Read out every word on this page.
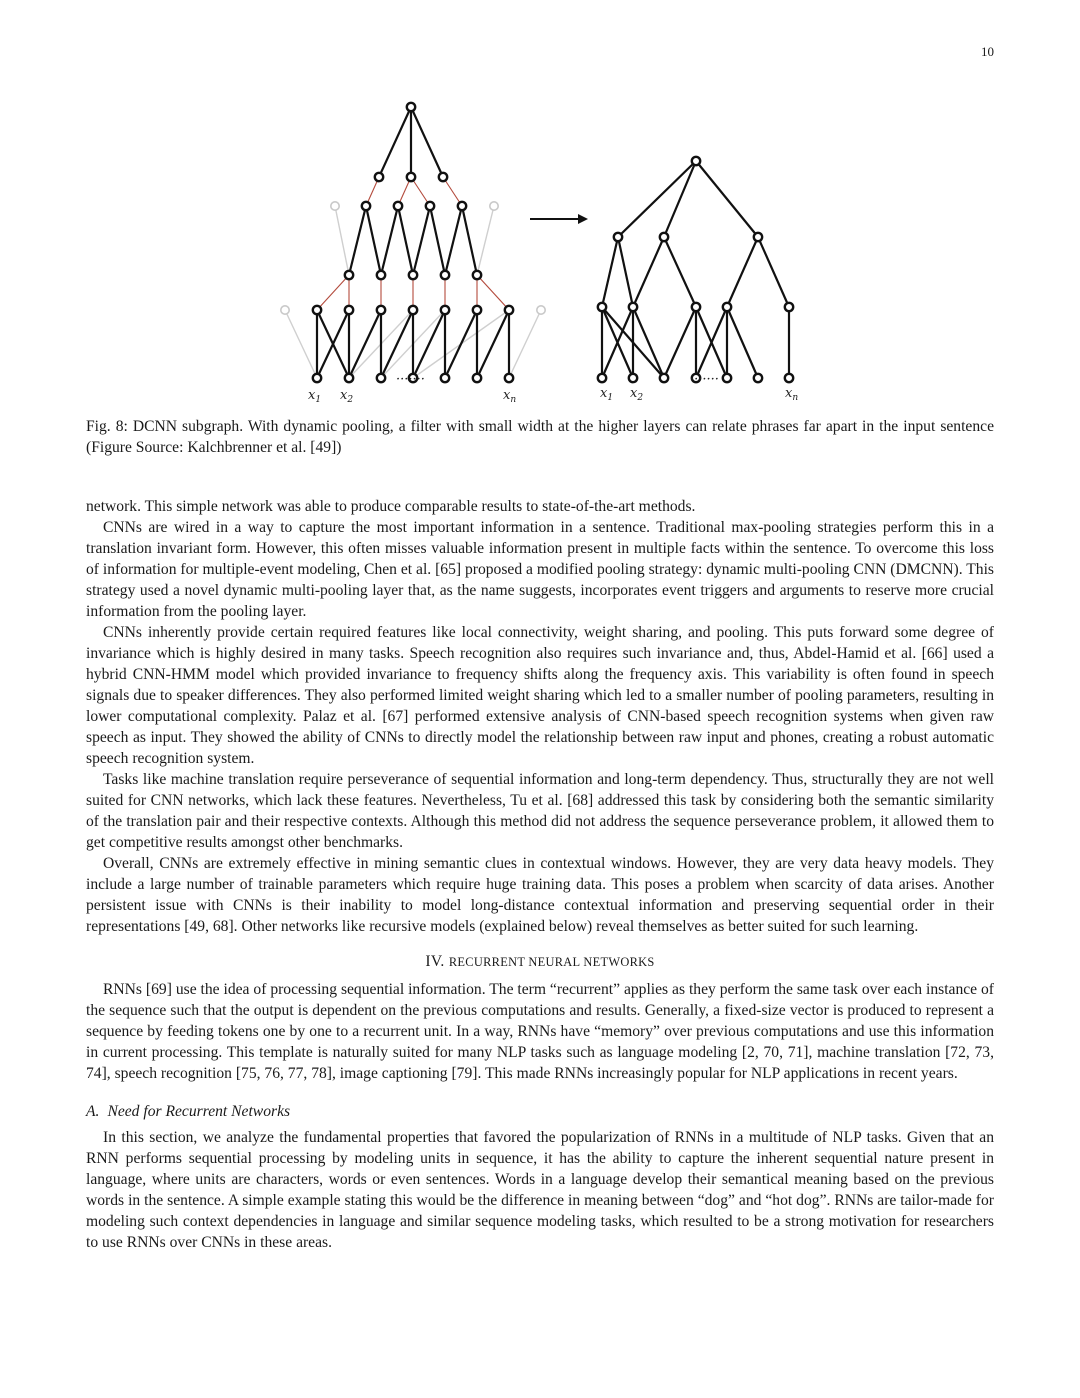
10
$x_1$ $x_2$
·······
$x_n$	$x_1$ $x_2$
·······
$x_n$
Fig. 8: DCNN subgraph. With dynamic pooling, a filter with small width at the higher layers can relate phrases far apart in the input sentence (Figure Source: Kalchbrenner et al. [49])

network. This simple network was able to produce comparable results to state-of-the-art methods.

CNNs are wired in a way to capture the most important information in a sentence. Traditional max-pooling strategies perform this in a translation invariant form. However, this often misses valuable information present in multiple facts within the sentence. To overcome this loss of information for multiple-event modeling, Chen et al. [65] proposed a modified pooling strategy: dynamic multi-pooling CNN (DMCNN). This strategy used a novel dynamic multi-pooling layer that, as the name suggests, incorporates event triggers and arguments to reserve more crucial information from the pooling layer.

CNNs inherently provide certain required features like local connectivity, weight sharing, and pooling. This puts forward some degree of invariance which is highly desired in many tasks. Speech recognition also requires such invariance and, thus, Abdel-Hamid et al. [66] used a hybrid CNN-HMM model which provided invariance to frequency shifts along the frequency axis. This variability is often found in speech signals due to speaker differences. They also performed limited weight sharing which led to a smaller number of pooling parameters, resulting in lower computational complexity. Palaz et al. [67] performed extensive analysis of CNN-based speech recognition systems when given raw speech as input. They showed the ability of CNNs to directly model the relationship between raw input and phones, creating a robust automatic speech recognition system.

Tasks like machine translation require perseverance of sequential information and long-term dependency. Thus, structurally they are not well suited for CNN networks, which lack these features. Nevertheless, Tu et al. [68] addressed this task by considering both the semantic similarity of the translation pair and their respective contexts. Although this method did not address the sequence perseverance problem, it allowed them to get competitive results amongst other benchmarks.

Overall, CNNs are extremely effective in mining semantic clues in contextual windows. However, they are very data heavy models. They include a large number of trainable parameters which require huge training data. This poses a problem when scarcity of data arises. Another persistent issue with CNNs is their inability to model long-distance contextual information and preserving sequential order in their representations [49, 68]. Other networks like recursive models (explained below) reveal themselves as better suited for such learning.

IV. RECURRENT NEURAL NETWORKS

RNNs [69] use the idea of processing sequential information. The term “recurrent” applies as they perform the same task over each instance of the sequence such that the output is dependent on the previous computations and results. Generally, a fixed-size vector is produced to represent a sequence by feeding tokens one by one to a recurrent unit. In a way, RNNs have “memory” over previous computations and use this information in current processing. This template is naturally suited for many NLP tasks such as language modeling [2, 70, 71], machine translation [72, 73, 74], speech recognition [75, 76, 77, 78], image captioning [79]. This made RNNs increasingly popular for NLP applications in recent years.

A. Need for Recurrent Networks

In this section, we analyze the fundamental properties that favored the popularization of RNNs in a multitude of NLP tasks. Given that an RNN performs sequential processing by modeling units in sequence, it has the ability to capture the inherent sequential nature present in language, where units are characters, words or even sentences. Words in a language develop their semantical meaning based on the previous words in the sentence. A simple example stating this would be the difference in meaning between “dog” and “hot dog”. RNNs are tailor-made for modeling such context dependencies in language and similar sequence modeling tasks, which resulted to be a strong motivation for researchers to use RNNs over CNNs in these areas.
